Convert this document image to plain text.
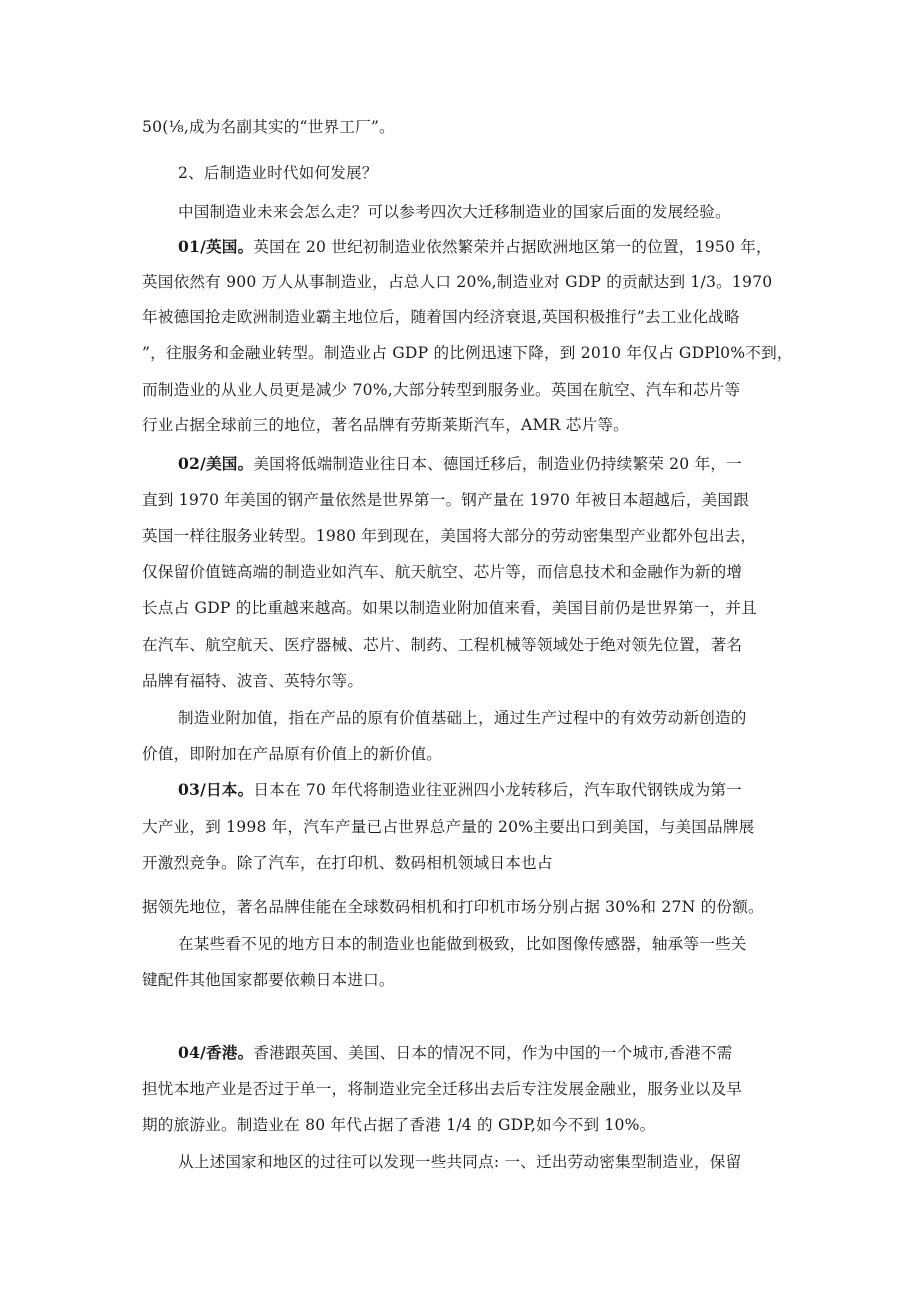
50(⅛,成为名副其实的“世界工厂”。
2、后制造业时代如何发展？
中国制造业未来会怎么走？可以参考四次大迁移制造业的国家后面的发展经验。
01/英国。英国在 20 世纪初制造业依然繁荣并占据欧洲地区第一的位置，1950 年，
英国依然有 900 万人从事制造业，占总人口 20%,制造业对 GDP 的贡献达到 1/3。1970
年被德国抢走欧洲制造业霸主地位后，随着国内经济衰退,英国积极推行”去工业化战略
”，往服务和金融业转型。制造业占 GDP 的比例迅速下降，到 2010 年仅占 GDPl0%不到，
而制造业的从业人员更是减少 70%,大部分转型到服务业。英国在航空、汽车和芯片等
行业占据全球前三的地位，著名品牌有劳斯莱斯汽车，AMR 芯片等。
02/美国。美国将低端制造业往日本、德国迁移后，制造业仍持续繁荣 20 年，一
直到 1970 年美国的钢产量依然是世界第一。钢产量在 1970 年被日本超越后，美国跟
英国一样往服务业转型。1980 年到现在，美国将大部分的劳动密集型产业都外包出去，
仅保留价值链高端的制造业如汽车、航天航空、芯片等，而信息技术和金融作为新的增
长点占 GDP 的比重越来越高。如果以制造业附加值来看，美国目前仍是世界第一，并且
在汽车、航空航天、医疗器械、芯片、制药、工程机械等领域处于绝对领先位置，著名
品牌有福特、波音、英特尔等。
制造业附加值，指在产品的原有价值基础上，通过生产过程中的有效劳动新创造的
价值，即附加在产品原有价值上的新价值。
03/日本。日本在 70 年代将制造业往亚洲四小龙转移后，汽车取代钢铁成为第一
大产业，到 1998 年，汽车产量已占世界总产量的 20%主要出口到美国，与美国品牌展
开激烈竞争。除了汽车，在打印机、数码相机领域日本也占
据领先地位，著名品牌佳能在全球数码相机和打印机市场分别占据 30%和 27N 的份额。
在某些看不见的地方日本的制造业也能做到极致，比如图像传感器，轴承等一些关
键配件其他国家都要依赖日本进口。
04/香港。香港跟英国、美国、日本的情况不同，作为中国的一个城市,香港不需
担忧本地产业是否过于单一，将制造业完全迁移出去后专注发展金融业，服务业以及早
期的旅游业。制造业在 80 年代占据了香港 1/4 的 GDP,如今不到 10%。
从上述国家和地区的过往可以发现一些共同点: 一、迁出劳动密集型制造业，保留
